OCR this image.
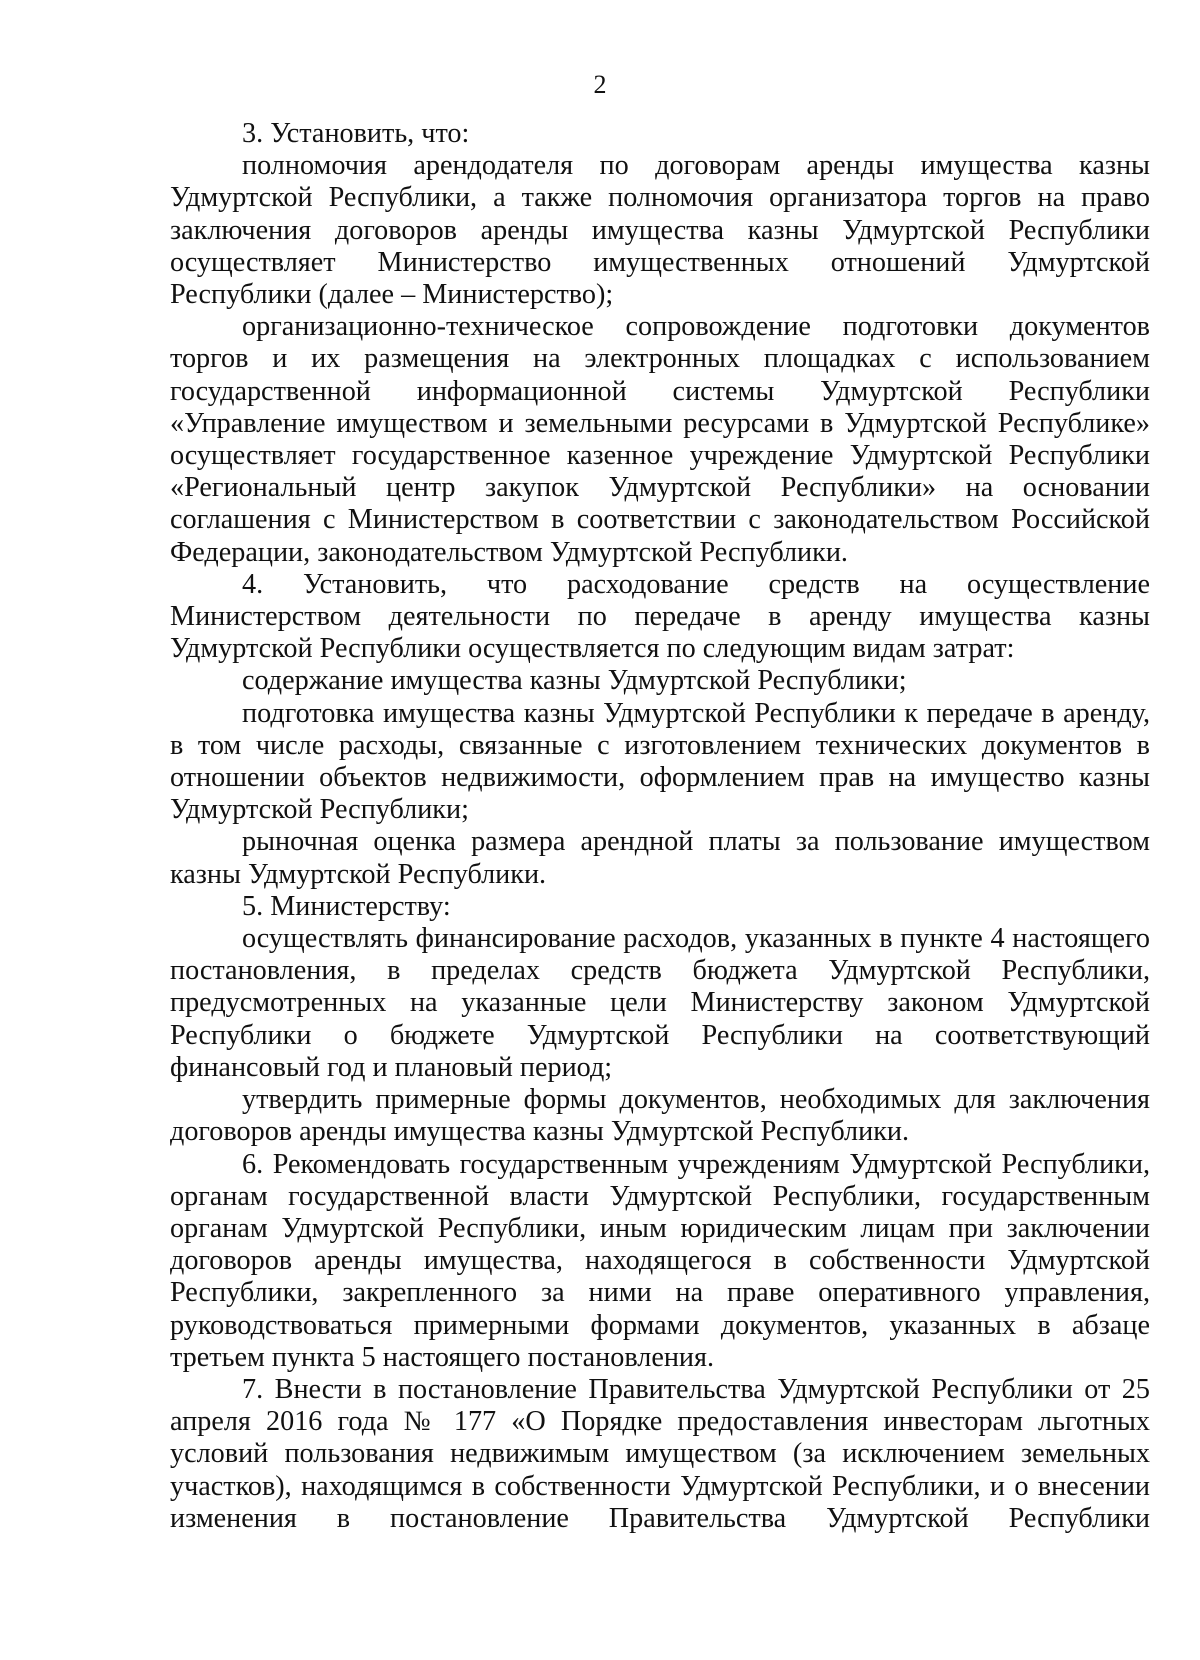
2

3. Установить, что:

полномочия арендодателя по договорам аренды имущества казны Удмуртской Республики, а также полномочия организатора торгов на право заключения договоров аренды имущества казны Удмуртской Республики осуществляет Министерство имущественных отношений Удмуртской Республики (далее – Министерство);

организационно-техническое сопровождение подготовки документов торгов и их размещения на электронных площадках с использованием государственной информационной системы Удмуртской Республики «Управление имуществом и земельными ресурсами в Удмуртской Республике» осуществляет государственное казенное учреждение Удмуртской Республики «Региональный центр закупок Удмуртской Республики» на основании соглашения с Министерством в соответствии с законодательством Российской Федерации, законодательством Удмуртской Республики.

4. Установить, что расходование средств на осуществление Министерством деятельности по передаче в аренду имущества казны Удмуртской Республики осуществляется по следующим видам затрат:

содержание имущества казны Удмуртской Республики;

подготовка имущества казны Удмуртской Республики к передаче в аренду, в том числе расходы, связанные с изготовлением технических документов в отношении объектов недвижимости, оформлением прав на имущество казны Удмуртской Республики;

рыночная оценка размера арендной платы за пользование имуществом казны Удмуртской Республики.

5. Министерству:

осуществлять финансирование расходов, указанных в пункте 4 настоящего постановления, в пределах средств бюджета Удмуртской Республики, предусмотренных на указанные цели Министерству законом Удмуртской Республики о бюджете Удмуртской Республики на соответствующий финансовый год и плановый период;

утвердить примерные формы документов, необходимых для заключения договоров аренды имущества казны Удмуртской Республики.

6. Рекомендовать государственным учреждениям Удмуртской Республики, органам государственной власти Удмуртской Республики, государственным органам Удмуртской Республики, иным юридическим лицам при заключении договоров аренды имущества, находящегося в собственности Удмуртской Республики, закрепленного за ними на праве оперативного управления, руководствоваться примерными формами документов, указанных в абзаце третьем пункта 5 настоящего постановления.

7. Внести в постановление Правительства Удмуртской Республики от 25 апреля 2016 года № 177 «О Порядке предоставления инвесторам льготных условий пользования недвижимым имуществом (за исключением земельных участков), находящимся в собственности Удмуртской Республики, и о внесении изменения в постановление Правительства Удмуртской Республики
